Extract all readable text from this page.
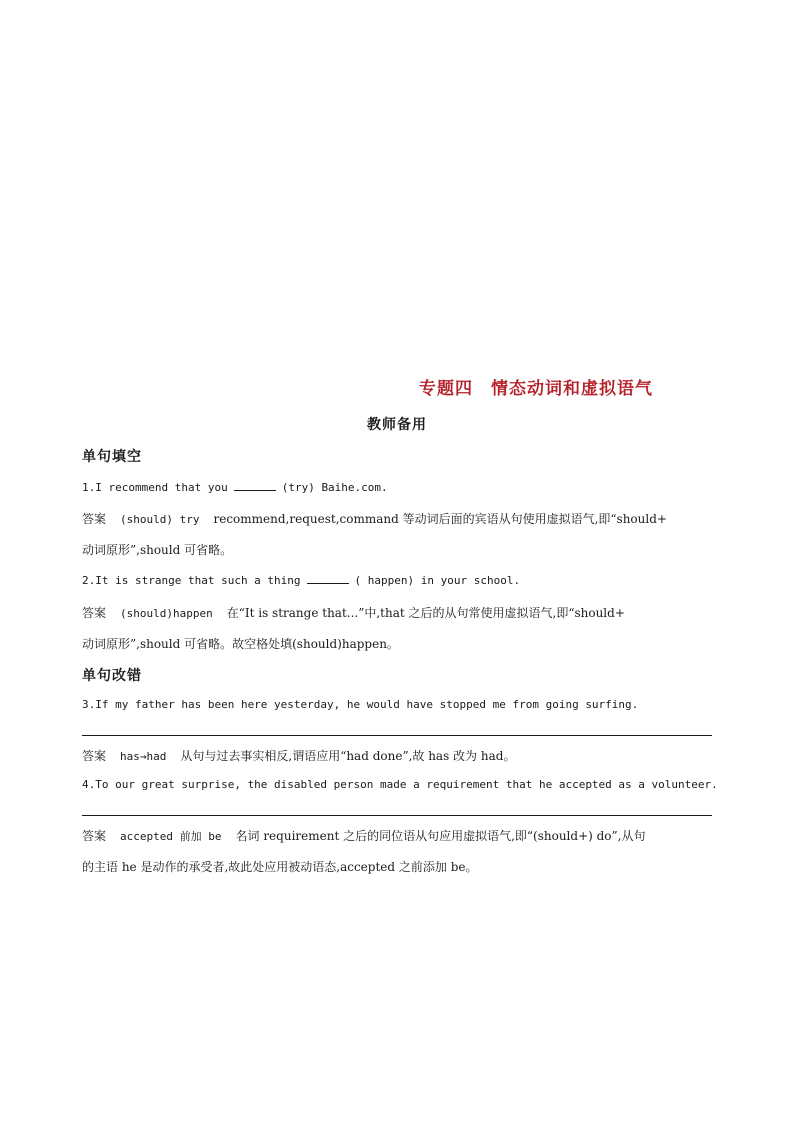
专题四 情态动词和虚拟语气
教师备用
单句填空
1.I recommend that you	(try) Baihe.com.
答案 (should) try recommend,request,command 等动词后面的宾语从句使用虚拟语气,即“should+
动词原形”,should 可省略。
2.It is strange that such a thing	( happen) in your school.
答案 (should)happen 在“It is strange that...”中,that 之后的从句常使用虚拟语气,即“should+
动词原形”,should 可省略。故空格处填(should)happen。
单句改错
3.If my father has been here yesterday, he would have stopped me from going surfing.
答案 has→had 从句与过去事实相反,谓语应用“had done”,故 has 改为 had。
4.To our great surprise, the disabled person made a requirement that he accepted as a volunteer.
答案 accepted 前加 be 名词 requirement 之后的同位语从句应用虚拟语气,即“(should+) do”,从句
的主语 he 是动作的承受者,故此处应用被动语态,accepted 之前添加 be。
